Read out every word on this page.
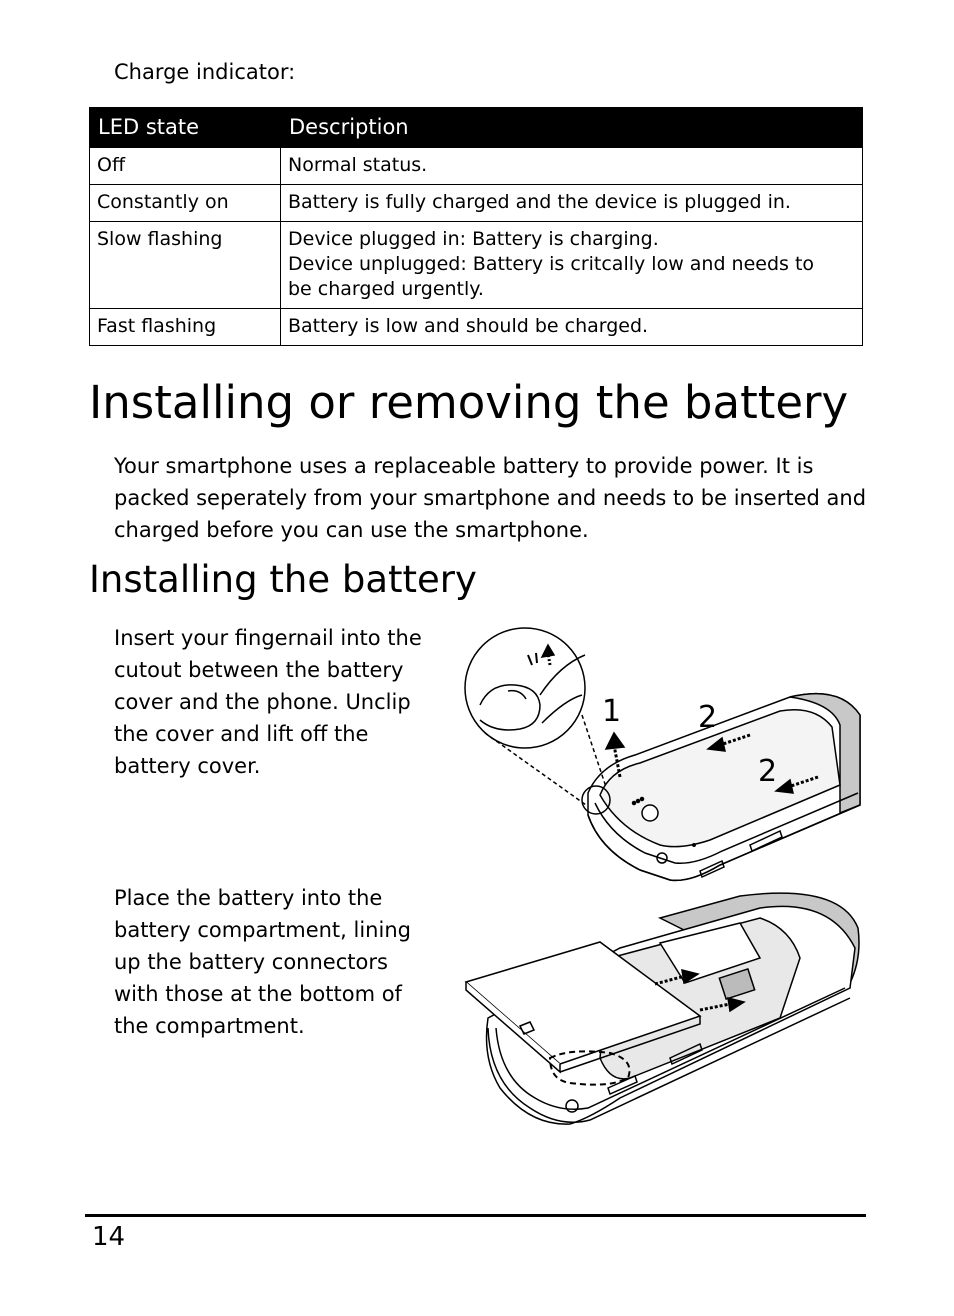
Charge indicator:
LED state	Description
Off	Normal status.

Constantly on	Battery is fully charged and the device is plugged in.

Slow flashing	Device plugged in: Battery is charging.
Device unplugged: Battery is critcally low and needs to
be charged urgently.

Fast flashing	Battery is low and should be charged.
Installing or removing the battery
Your smartphone uses a replaceable battery to provide power. It is packed seperately from your smartphone and needs to be inserted and charged before you can use the smartphone.
Installing the battery
Insert your fingernail into the cutout between the battery cover and the phone. Unclip the cover and lift off the battery cover.
Place the battery into the battery compartment, lining up the battery connectors with those at the bottom of the compartment.
1	2
2
14
